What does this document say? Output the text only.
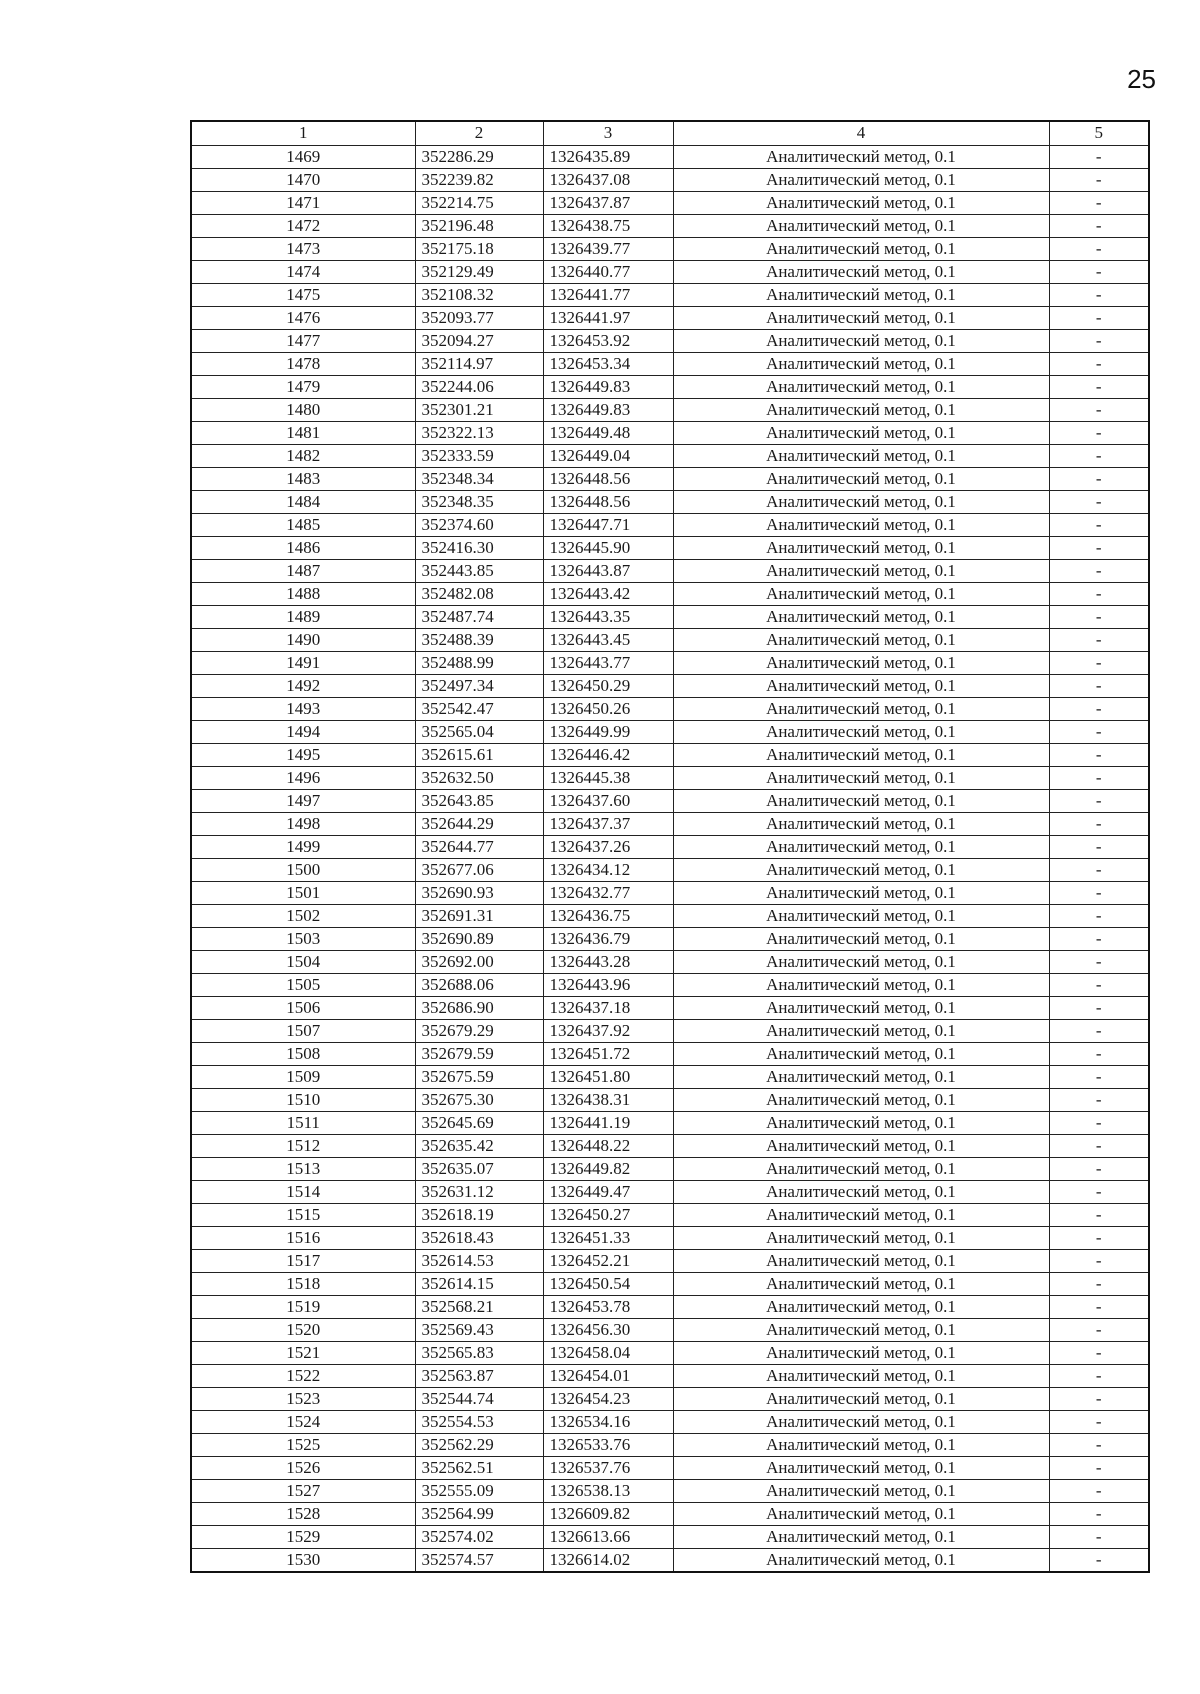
25
1	2	3	4	5
1469	352286.29	1326435.89	Аналитический метод, 0.1	-
1470	352239.82	1326437.08	Аналитический метод, 0.1	-
1471	352214.75	1326437.87	Аналитический метод, 0.1	-
1472	352196.48	1326438.75	Аналитический метод, 0.1	-
1473	352175.18	1326439.77	Аналитический метод, 0.1	-
1474	352129.49	1326440.77	Аналитический метод, 0.1	-
1475	352108.32	1326441.77	Аналитический метод, 0.1	-
1476	352093.77	1326441.97	Аналитический метод, 0.1	-
1477	352094.27	1326453.92	Аналитический метод, 0.1	-
1478	352114.97	1326453.34	Аналитический метод, 0.1	-
1479	352244.06	1326449.83	Аналитический метод, 0.1	-
1480	352301.21	1326449.83	Аналитический метод, 0.1	-
1481	352322.13	1326449.48	Аналитический метод, 0.1	-
1482	352333.59	1326449.04	Аналитический метод, 0.1	-
1483	352348.34	1326448.56	Аналитический метод, 0.1	-
1484	352348.35	1326448.56	Аналитический метод, 0.1	-
1485	352374.60	1326447.71	Аналитический метод, 0.1	-
1486	352416.30	1326445.90	Аналитический метод, 0.1	-
1487	352443.85	1326443.87	Аналитический метод, 0.1	-
1488	352482.08	1326443.42	Аналитический метод, 0.1	-
1489	352487.74	1326443.35	Аналитический метод, 0.1	-
1490	352488.39	1326443.45	Аналитический метод, 0.1	-
1491	352488.99	1326443.77	Аналитический метод, 0.1	-
1492	352497.34	1326450.29	Аналитический метод, 0.1	-
1493	352542.47	1326450.26	Аналитический метод, 0.1	-
1494	352565.04	1326449.99	Аналитический метод, 0.1	-
1495	352615.61	1326446.42	Аналитический метод, 0.1	-
1496	352632.50	1326445.38	Аналитический метод, 0.1	-
1497	352643.85	1326437.60	Аналитический метод, 0.1	-
1498	352644.29	1326437.37	Аналитический метод, 0.1	-
1499	352644.77	1326437.26	Аналитический метод, 0.1	-
1500	352677.06	1326434.12	Аналитический метод, 0.1	-
1501	352690.93	1326432.77	Аналитический метод, 0.1	-
1502	352691.31	1326436.75	Аналитический метод, 0.1	-
1503	352690.89	1326436.79	Аналитический метод, 0.1	-
1504	352692.00	1326443.28	Аналитический метод, 0.1	-
1505	352688.06	1326443.96	Аналитический метод, 0.1	-
1506	352686.90	1326437.18	Аналитический метод, 0.1	-
1507	352679.29	1326437.92	Аналитический метод, 0.1	-
1508	352679.59	1326451.72	Аналитический метод, 0.1	-
1509	352675.59	1326451.80	Аналитический метод, 0.1	-
1510	352675.30	1326438.31	Аналитический метод, 0.1	-
1511	352645.69	1326441.19	Аналитический метод, 0.1	-
1512	352635.42	1326448.22	Аналитический метод, 0.1	-
1513	352635.07	1326449.82	Аналитический метод, 0.1	-
1514	352631.12	1326449.47	Аналитический метод, 0.1	-
1515	352618.19	1326450.27	Аналитический метод, 0.1	-
1516	352618.43	1326451.33	Аналитический метод, 0.1	-
1517	352614.53	1326452.21	Аналитический метод, 0.1	-
1518	352614.15	1326450.54	Аналитический метод, 0.1	-
1519	352568.21	1326453.78	Аналитический метод, 0.1	-
1520	352569.43	1326456.30	Аналитический метод, 0.1	-
1521	352565.83	1326458.04	Аналитический метод, 0.1	-
1522	352563.87	1326454.01	Аналитический метод, 0.1	-
1523	352544.74	1326454.23	Аналитический метод, 0.1	-
1524	352554.53	1326534.16	Аналитический метод, 0.1	-
1525	352562.29	1326533.76	Аналитический метод, 0.1	-
1526	352562.51	1326537.76	Аналитический метод, 0.1	-
1527	352555.09	1326538.13	Аналитический метод, 0.1	-
1528	352564.99	1326609.82	Аналитический метод, 0.1	-
1529	352574.02	1326613.66	Аналитический метод, 0.1	-
1530	352574.57	1326614.02	Аналитический метод, 0.1	-
